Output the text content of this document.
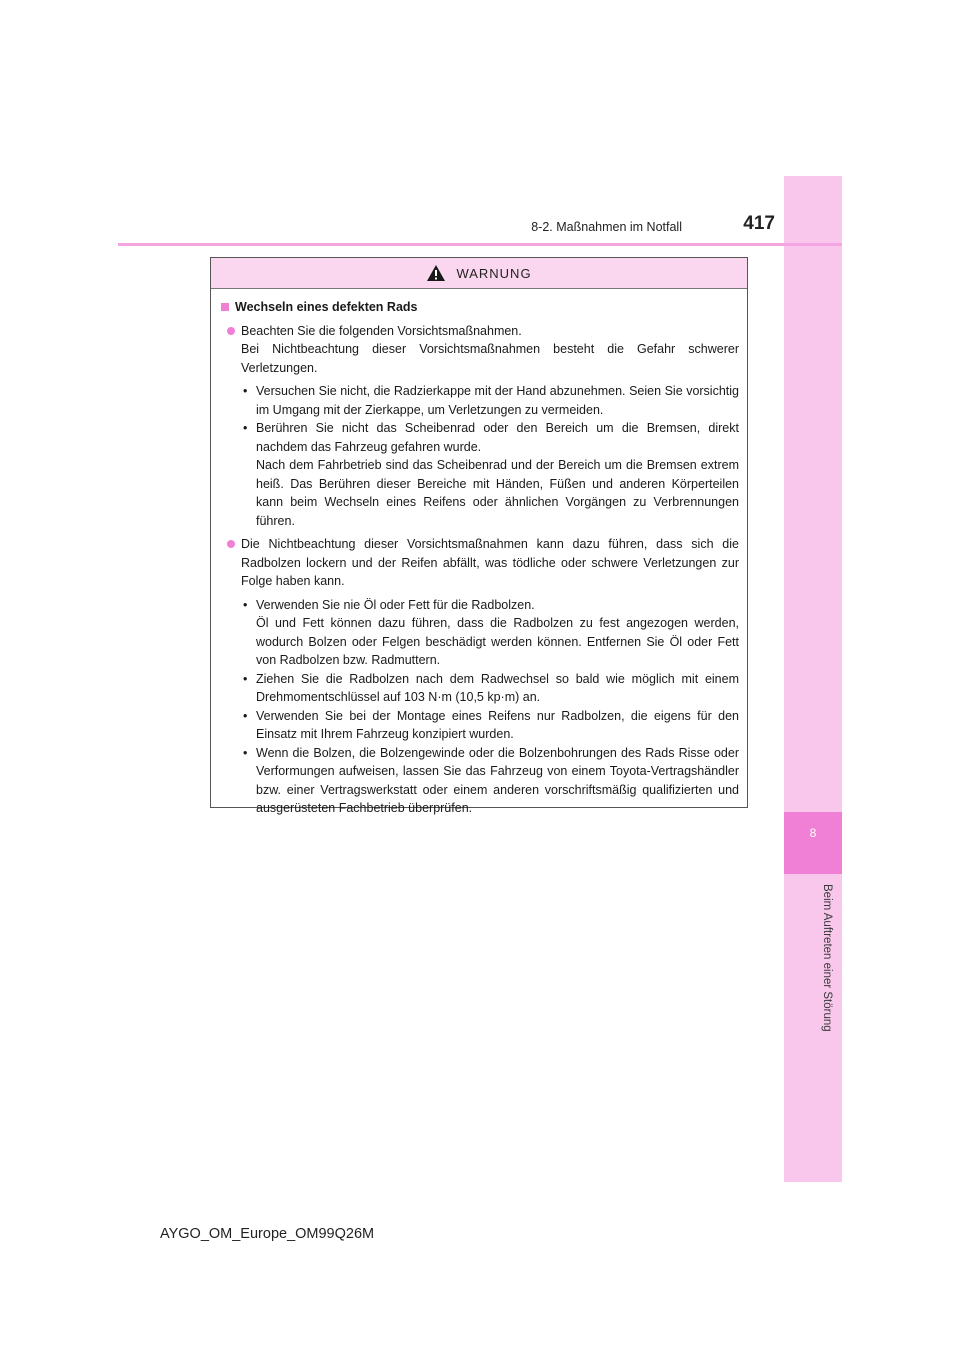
8
Beim Auftreten einer Störung
8-2. Maßnahmen im Notfall	417
WARNUNG
Wechseln eines defekten Rads
Beachten Sie die folgenden Vorsichtsmaßnahmen.
Bei Nichtbeachtung dieser Vorsichtsmaßnahmen besteht die Gefahr schwerer Verletzungen.
• Versuchen Sie nicht, die Radzierkappe mit der Hand abzunehmen. Seien Sie vorsichtig im Umgang mit der Zierkappe, um Verletzungen zu vermeiden.
• Berühren Sie nicht das Scheibenrad oder den Bereich um die Bremsen, direkt nachdem das Fahrzeug gefahren wurde.
Nach dem Fahrbetrieb sind das Scheibenrad und der Bereich um die Bremsen extrem heiß. Das Berühren dieser Bereiche mit Händen, Füßen und anderen Körperteilen kann beim Wechseln eines Reifens oder ähnlichen Vorgängen zu Verbrennungen führen.
Die Nichtbeachtung dieser Vorsichtsmaßnahmen kann dazu führen, dass sich die Radbolzen lockern und der Reifen abfällt, was tödliche oder schwere Verletzungen zur Folge haben kann.
• Verwenden Sie nie Öl oder Fett für die Radbolzen.
Öl und Fett können dazu führen, dass die Radbolzen zu fest angezogen werden, wodurch Bolzen oder Felgen beschädigt werden können. Entfernen Sie Öl oder Fett von Radbolzen bzw. Radmuttern.
• Ziehen Sie die Radbolzen nach dem Radwechsel so bald wie möglich mit einem Drehmomentschlüssel auf 103 N·m (10,5 kp·m) an.
• Verwenden Sie bei der Montage eines Reifens nur Radbolzen, die eigens für den Einsatz mit Ihrem Fahrzeug konzipiert wurden.
• Wenn die Bolzen, die Bolzengewinde oder die Bolzenbohrungen des Rads Risse oder Verformungen aufweisen, lassen Sie das Fahrzeug von einem Toyota-Vertragshändler bzw. einer Vertragswerkstatt oder einem anderen vorschriftsmäßig qualifizierten und ausgerüsteten Fachbetrieb überprüfen.
AYGO_OM_Europe_OM99Q26M
